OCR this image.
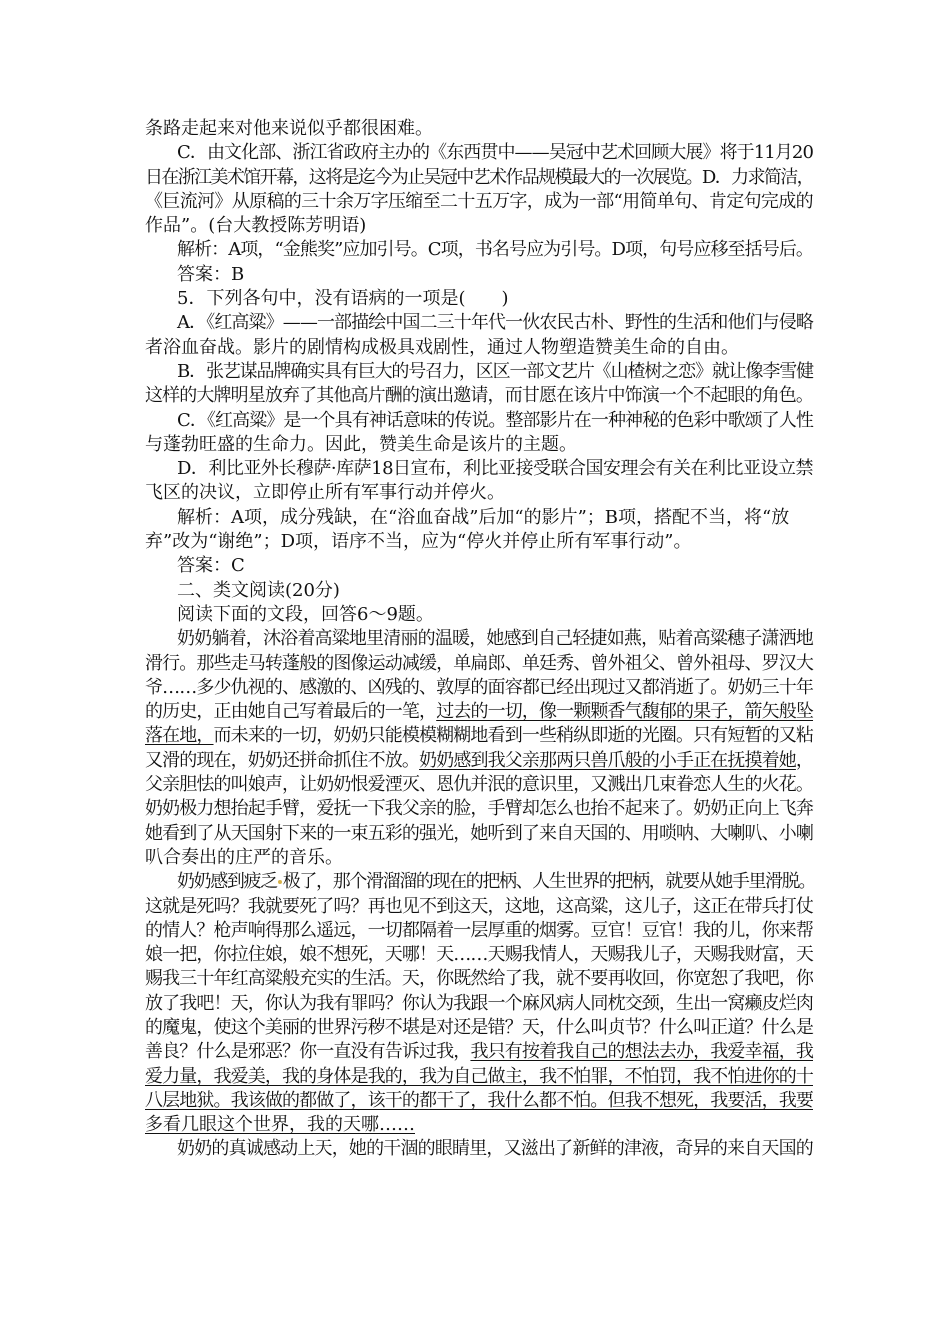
条路走起来对他来说似乎都很困难。
C．由文化部、浙江省政府主办的《东西贯中——吴冠中艺术回顾大展》将于11月20
日在浙江美术馆开幕，这将是迄今为止吴冠中艺术作品规模最大的一次展览。D．力求简洁，
《巨流河》从原稿的三十余万字压缩至二十五万字，成为一部“用简单句、肯定句完成的
作品”。(台大教授陈芳明语)
解析：A项，“金熊奖”应加引号。C项，书名号应为引号。D项，句号应移至括号后。
答案：B
5．下列各句中，没有语病的一项是(　　)
A．《红高粱》——一部描绘中国二三十年代一伙农民古朴、野性的生活和他们与侵略
者浴血奋战。影片的剧情构成极具戏剧性，通过人物塑造赞美生命的自由。
B．张艺谋品牌确实具有巨大的号召力，区区一部文艺片《山楂树之恋》就让像李雪健
这样的大牌明星放弃了其他高片酬的演出邀请，而甘愿在该片中饰演一个不起眼的角色。
C．《红高粱》是一个具有神话意味的传说。整部影片在一种神秘的色彩中歌颂了人性
与蓬勃旺盛的生命力。因此，赞美生命是该片的主题。
D．利比亚外长穆萨·库萨18日宣布，利比亚接受联合国安理会有关在利比亚设立禁
飞区的决议，立即停止所有军事行动并停火。
解析：A项，成分残缺，在“浴血奋战”后加“的影片”；B项，搭配不当，将“放
弃”改为“谢绝”；D项，语序不当，应为“停火并停止所有军事行动”。
答案：C
二、类文阅读(20分)
阅读下面的文段，回答6～9题。
奶奶躺着，沐浴着高粱地里清丽的温暖，她感到自己轻捷如燕，贴着高粱穗子潇洒地
滑行。那些走马转蓬般的图像运动减缓，单扁郎、单廷秀、曾外祖父、曾外祖母、罗汉大
爷……多少仇视的、感激的、凶残的、敦厚的面容都已经出现过又都消逝了。奶奶三十年
的历史，正由她自己写着最后的一笔，过去的一切，像一颗颗香气馥郁的果子，箭矢般坠
落在地，而未来的一切，奶奶只能模模糊糊地看到一些稍纵即逝的光圈。只有短暂的又粘
又滑的现在，奶奶还拼命抓住不放。奶奶感到我父亲那两只兽爪般的小手正在抚摸着她，
父亲胆怯的叫娘声，让奶奶恨爱湮灭、恩仇并泯的意识里，又溅出几束眷恋人生的火花。
奶奶极力想抬起手臂，爱抚一下我父亲的脸，手臂却怎么也抬不起来了。奶奶正向上飞奔
她看到了从天国射下来的一束五彩的强光，她听到了来自天国的、用唢呐、大喇叭、小喇
叭合奏出的庄严的音乐。
奶奶感到疲乏 极了，那个滑溜溜的现在的把柄、人生世界的把柄，就要从她手里滑脱。
这就是死吗？我就要死了吗？再也见不到这天，这地，这高粱，这儿子，这正在带兵打仗
的情人？枪声响得那么遥远，一切都隔着一层厚重的烟雾。豆官！豆官！我的儿，你来帮
娘一把，你拉住娘，娘不想死，天哪！天……天赐我情人，天赐我儿子，天赐我财富，天
赐我三十年红高粱般充实的生活。天，你既然给了我，就不要再收回，你宽恕了我吧，你
放了我吧！天，你认为我有罪吗？你认为我跟一个麻风病人同枕交颈，生出一窝癞皮烂肉
的魔鬼，使这个美丽的世界污秽不堪是对还是错？天，什么叫贞节？什么叫正道？什么是
善良？什么是邪恶？你一直没有告诉过我，我只有按着我自己的想法去办，我爱幸福，我
爱力量，我爱美，我的身体是我的，我为自己做主，我不怕罪，不怕罚，我不怕进你的十
八层地狱。我该做的都做了，该干的都干了，我什么都不怕。但我不想死，我要活，我要
多看几眼这个世界，我的天哪……
奶奶的真诚感动上天，她的干涸的眼睛里，又滋出了新鲜的津液，奇异的来自天国的
